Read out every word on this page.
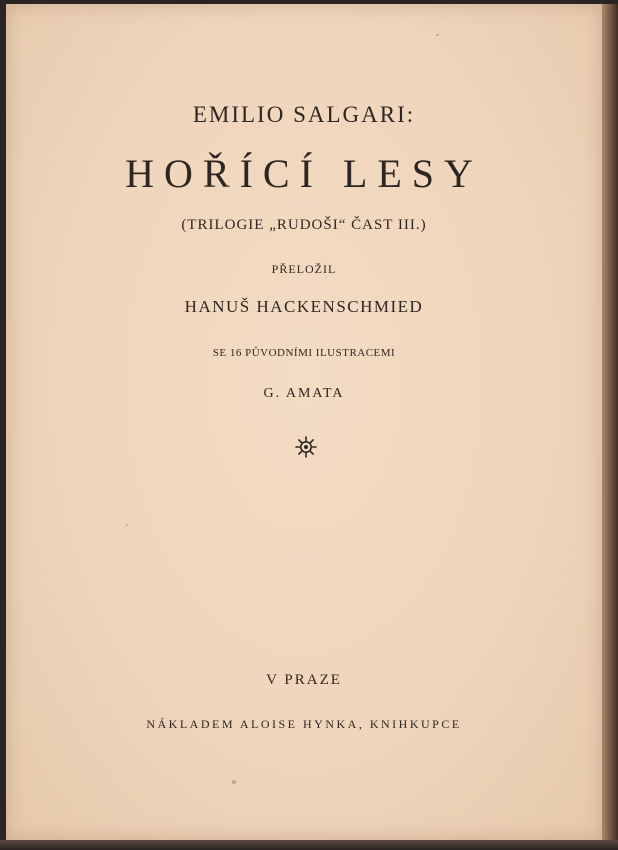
EMILIO SALGARI:
HOŘÍCÍ LESY
(TRILOGIE „RUDOŠI“ ČAST III.)
PŘELOŽIL
HANUŠ HACKENSCHMIED
SE 16 PŮVODNÍMI ILUSTRACEMI
G. AMATA
V PRAZE
NÁKLADEM ALOISE HYNKA, KNIHKUPCE
